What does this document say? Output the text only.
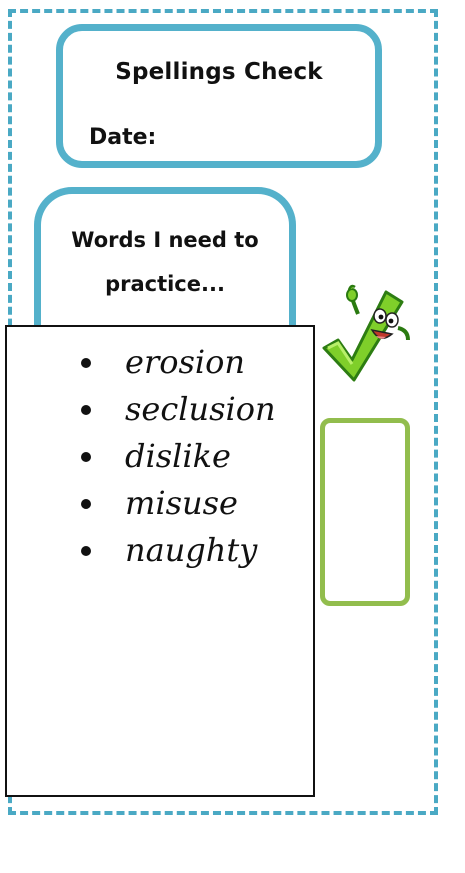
Spellings Check
Date:
Words I need to
practice...
erosion
seclusion
dislike
misuse
naughty
